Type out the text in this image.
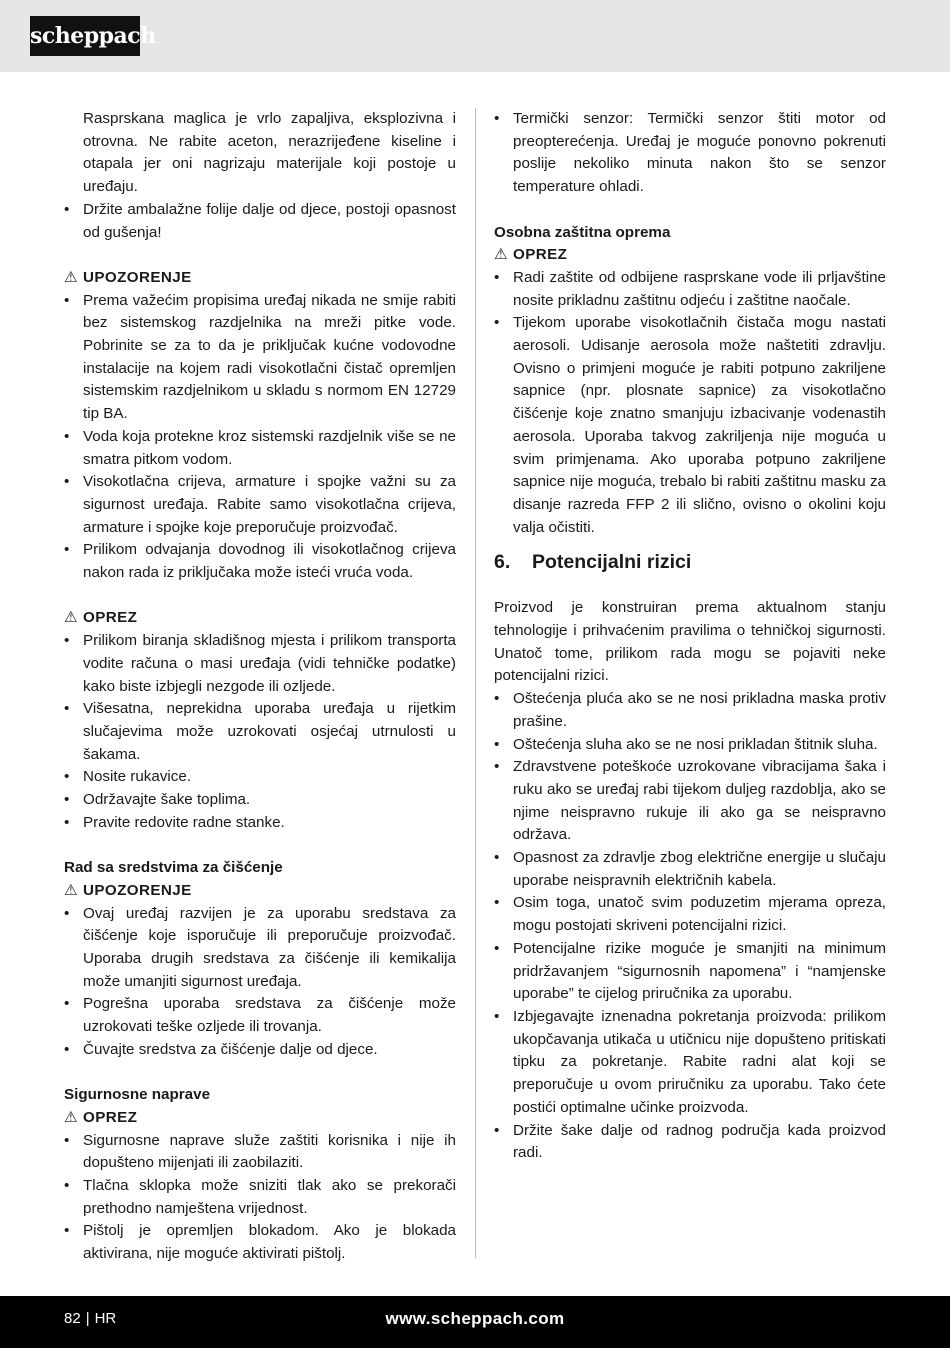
scheppach

Rasprskana maglica je vrlo zapaljiva, eksplozivna i otrovna. Ne rabite aceton, nerazrijeđene kiseline i otapala jer oni nagrizaju materijale koji postoje u uređaju.

• Držite ambalažne folije dalje od djece, postoji opasnost od gušenja!
⚠ UPOZORENJE
• Prema važećim propisima uređaj nikada ne smije rabiti bez sistemskog razdjelnika na mreži pitke vode. Pobrinite se za to da je priključak kućne vodovodne instalacije na kojem radi visokotlačni čistač opremljen sistemskim razdjelnikom u skladu s normom EN 12729 tip BA.
• Voda koja protekne kroz sistemski razdjelnik više se ne smatra pitkom vodom.
• Visokotlačna crijeva, armature i spojke važni su za sigurnost uređaja. Rabite samo visokotlačna crijeva, armature i spojke koje preporučuje proizvođač.
• Prilikom odvajanja dovodnog ili visokotlačnog crijeva nakon rada iz priključaka može isteći vruća voda.
⚠ OPREZ
• Prilikom biranja skladišnog mjesta i prilikom transporta vodite računa o masi uređaja (vidi tehničke podatke) kako biste izbjegli nezgode ili ozljede.
• Višesatna, neprekidna uporaba uređaja u rijetkim slučajevima može uzrokovati osjećaj utrnulosti u šakama.
• Nosite rukavice.
• Održavajte šake toplima.
• Pravite redovite radne stanke.
Rad sa sredstvima za čišćenje
⚠ UPOZORENJE
• Ovaj uređaj razvijen je za uporabu sredstava za čišćenje koje isporučuje ili preporučuje proizvođač. Uporaba drugih sredstava za čišćenje ili kemikalija može umanjiti sigurnost uređaja.
• Pogrešna uporaba sredstava za čišćenje može uzrokovati teške ozljede ili trovanja.
• Čuvajte sredstva za čišćenje dalje od djece.
Sigurnosne naprave
⚠ OPREZ
• Sigurnosne naprave služe zaštiti korisnika i nije ih dopušteno mijenjati ili zaobilaziti.
• Tlačna sklopka može sniziti tlak ako se prekorači prethodno namještena vrijednost.
• Pištolj je opremljen blokadom. Ako je blokada aktivirana, nije moguće aktivirati pištolj.
• Termički senzor: Termički senzor štiti motor od preopterećenja. Uređaj je moguće ponovno pokrenuti poslije nekoliko minuta nakon što se senzor temperature ohladi.
Osobna zaštitna oprema
⚠ OPREZ
• Radi zaštite od odbijene rasprskane vode ili prljavštine nosite prikladnu zaštitnu odjeću i zaštitne naočale.
• Tijekom uporabe visokotlačnih čistača mogu nastati aerosoli. Udisanje aerosola može naštetiti zdravlju. Ovisno o primjeni moguće je rabiti potpuno zakriljene sapnice (npr. plosnate sapnice) za visokotlačno čišćenje koje znatno smanjuju izbacivanje vodenastih aerosola. Uporaba takvog zakriljenja nije moguća u svim primjenama. Ako uporaba potpuno zakriljene sapnice nije moguća, trebalo bi rabiti zaštitnu masku za disanje razreda FFP 2 ili slično, ovisno o okolini koju valja očistiti.
6. Potencijalni rizici

Proizvod je konstruiran prema aktualnom stanju tehnologije i prihvaćenim pravilima o tehničkoj sigurnosti. Unatoč tome, prilikom rada mogu se pojaviti neke potencijalni rizici.

• Oštećenja pluća ako se ne nosi prikladna maska protiv prašine.
• Oštećenja sluha ako se ne nosi prikladan štitnik sluha.
• Zdravstvene poteškoće uzrokovane vibracijama šaka i ruku ako se uređaj rabi tijekom duljeg razdoblja, ako se njime neispravno rukuje ili ako ga se neispravno održava.
• Opasnost za zdravlje zbog električne energije u slučaju uporabe neispravnih električnih kabela.
• Osim toga, unatoč svim poduzetim mjerama opreza, mogu postojati skriveni potencijalni rizici.
• Potencijalne rizike moguće je smanjiti na minimum pridržavanjem “sigurnosnih napomena” i “namjenske uporabe” te cijelog priručnika za uporabu.
• Izbjegavajte iznenadna pokretanja proizvoda: prilikom ukopčavanja utikača u utičnicu nije dopušteno pritiskati tipku za pokretanje. Rabite radni alat koji se preporučuje u ovom priručniku za uporabu. Tako ćete postići optimalne učinke proizvoda.
• Držite šake dalje od radnog područja kada proizvod radi.
82 | HR	www.scheppach.com
